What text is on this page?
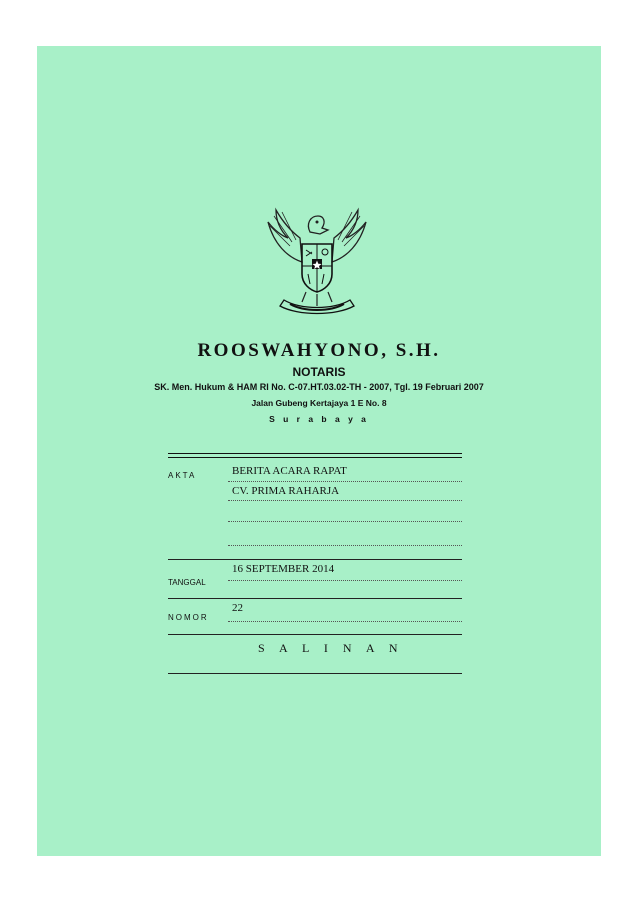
ROOSWAHYONO, S.H.
NOTARIS
SK. Men. Hukum & HAM RI No. C-07.HT.03.02-TH - 2007, Tgl. 19 Februari 2007
Jalan Gubeng Kertajaya 1 E No. 8
S u r a b a y a
AKTA	BERITA ACARA RAPAT
CV. PRIMA RAHARJA
16 SEPTEMBER 2014
TANGGAL
22
NOMOR
S A L I N A N
